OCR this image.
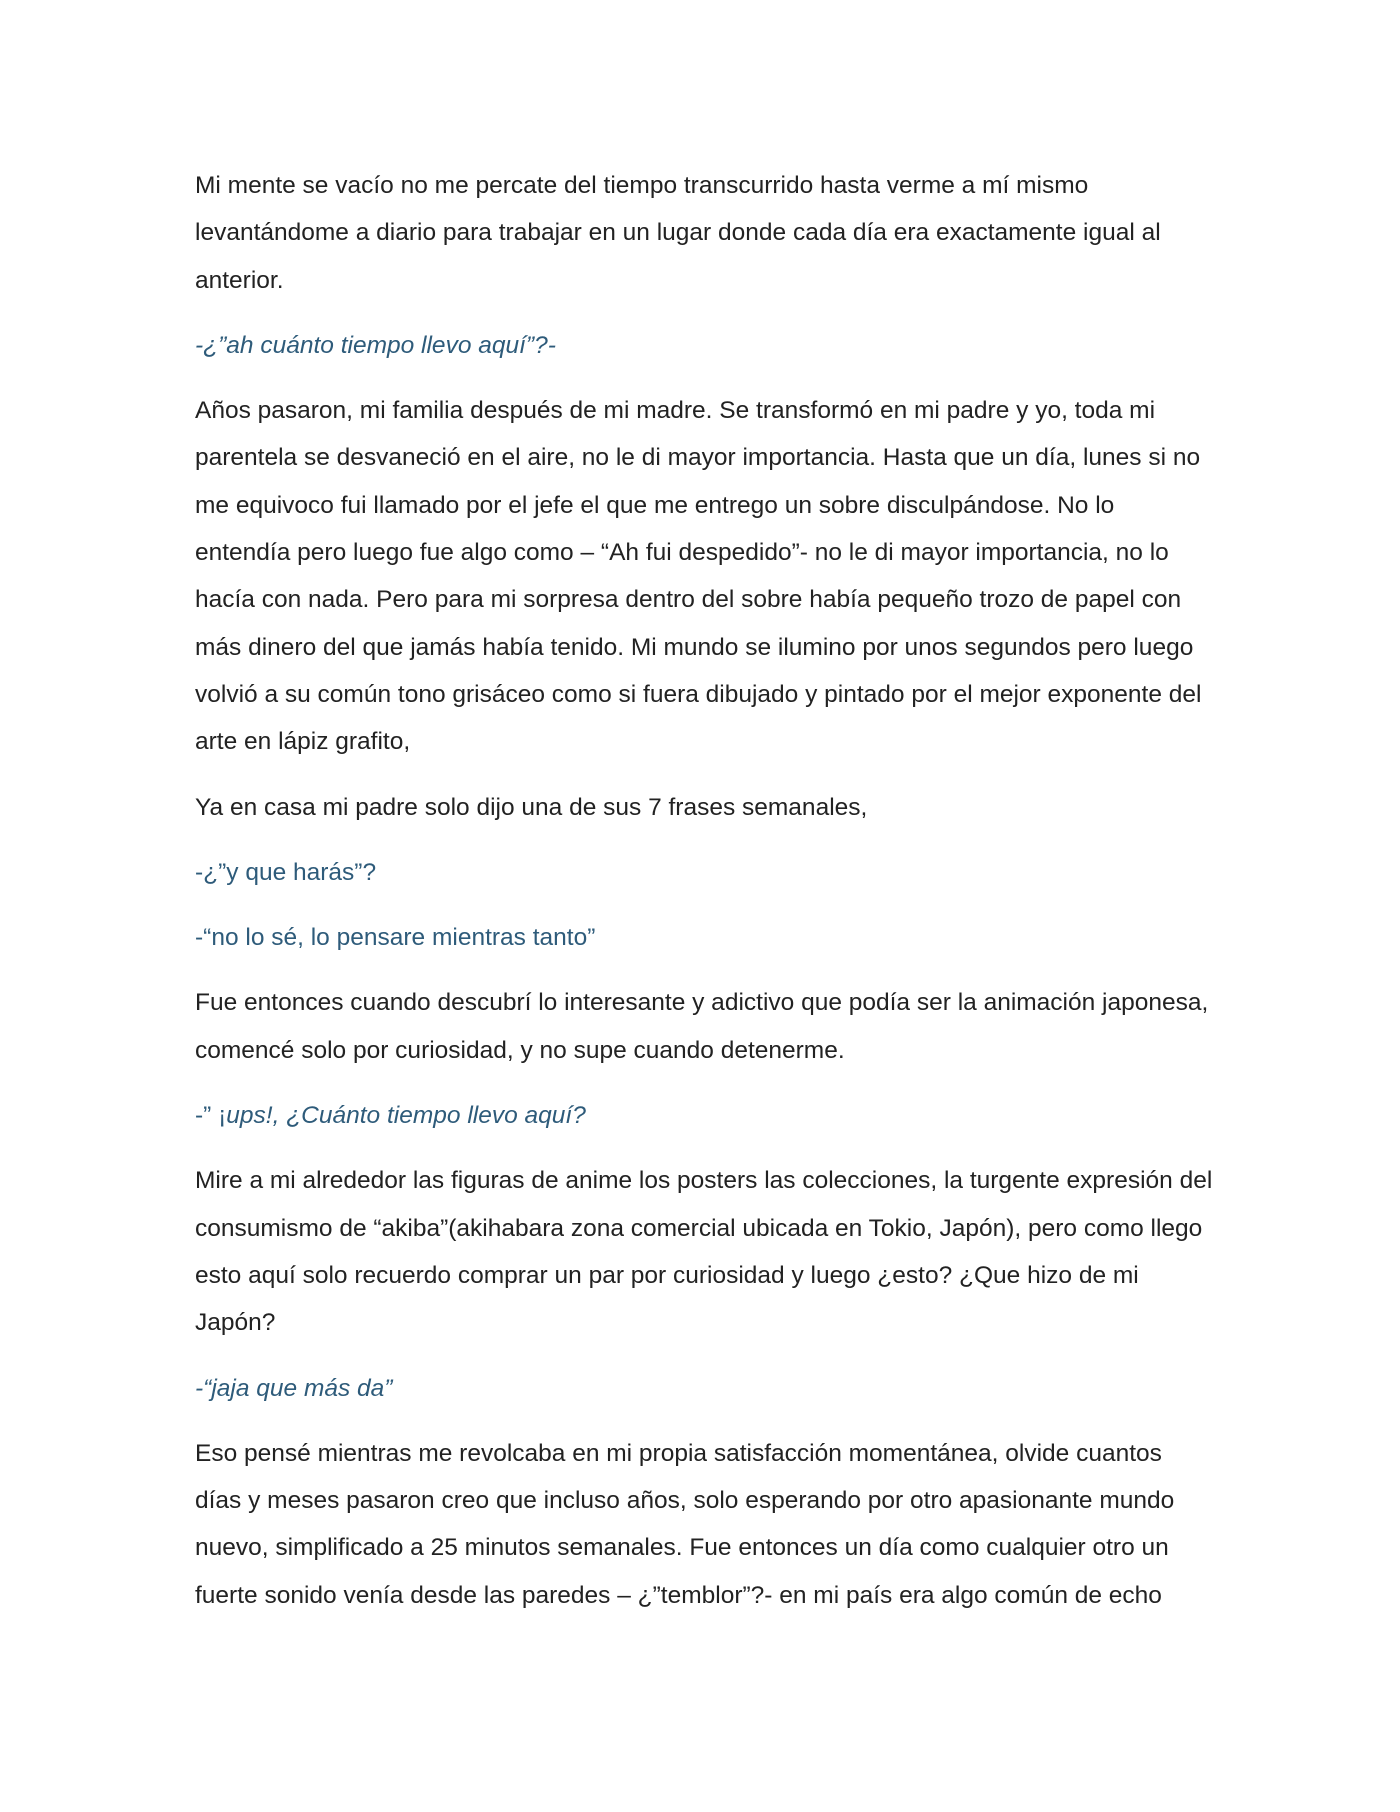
Mi mente se vacío no me percate del tiempo transcurrido hasta verme a mí mismo levantándome a diario para trabajar en un lugar donde cada día era exactamente igual al anterior.

-¿”ah cuánto tiempo llevo aquí”?-

Años pasaron, mi familia después de mi madre. Se transformó en mi padre y yo, toda mi parentela se desvaneció en el aire, no le di mayor importancia. Hasta que un día, lunes si no me equivoco fui llamado por el jefe el que me entrego un sobre disculpándose. No lo entendía pero luego fue algo como – “Ah fui despedido”- no le di mayor importancia, no lo hacía con nada. Pero para mi sorpresa dentro del sobre había pequeño trozo de papel con más dinero del que jamás había tenido. Mi mundo se ilumino por unos segundos pero luego volvió a su común tono grisáceo como si fuera dibujado y pintado por el mejor exponente del arte en lápiz grafito,

Ya en casa mi padre solo dijo una de sus 7 frases semanales,

-¿”y que harás”?

-“no lo sé, lo pensare mientras tanto”

Fue entonces cuando descubrí lo interesante y adictivo que podía ser la animación japonesa, comencé solo por curiosidad, y no supe cuando detenerme.

-” ¡ups!, ¿Cuánto tiempo llevo aquí?

Mire a mi alrededor las figuras de anime los posters las colecciones, la turgente expresión del consumismo de “akiba”(akihabara zona comercial ubicada en Tokio, Japón), pero como llego esto aquí solo recuerdo comprar un par por curiosidad y luego ¿esto? ¿Que hizo de mi Japón?

-“jaja que más da”

Eso pensé mientras me revolcaba en mi propia satisfacción momentánea, olvide cuantos días y meses pasaron creo que incluso años, solo esperando por otro apasionante mundo nuevo, simplificado a 25 minutos semanales. Fue entonces un día como cualquier otro un fuerte sonido venía desde las paredes – ¿”temblor”?- en mi país era algo común de echo
